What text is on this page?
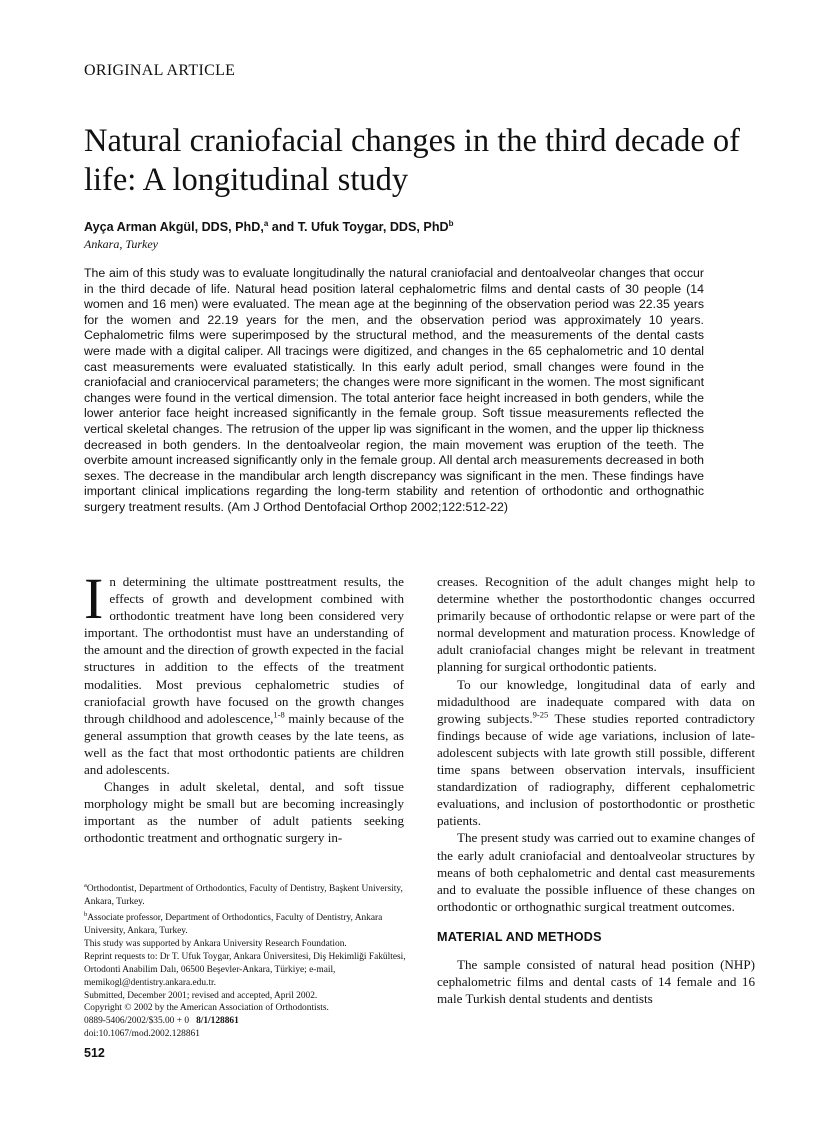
ORIGINAL ARTICLE
Natural craniofacial changes in the third decade of life: A longitudinal study
Ayça Arman Akgül, DDS, PhD,$^a$ and T. Ufuk Toygar, DDS, PhD$^b$
Ankara, Turkey

The aim of this study was to evaluate longitudinally the natural craniofacial and dentoalveolar changes that occur in the third decade of life. Natural head position lateral cephalometric films and dental casts of 30 people (14 women and 16 men) were evaluated. The mean age at the beginning of the observation period was 22.35 years for the women and 22.19 years for the men, and the observation period was approximately 10 years. Cephalometric films were superimposed by the structural method, and the measurements of the dental casts were made with a digital caliper. All tracings were digitized, and changes in the 65 cephalometric and 10 dental cast measurements were evaluated statistically. In this early adult period, small changes were found in the craniofacial and craniocervical parameters; the changes were more significant in the women. The most significant changes were found in the vertical dimension. The total anterior face height increased in both genders, while the lower anterior face height increased significantly in the female group. Soft tissue measurements reflected the vertical skeletal changes. The retrusion of the upper lip was significant in the women, and the upper lip thickness decreased in both genders. In the dentoalveolar region, the main movement was eruption of the teeth. The overbite amount increased significantly only in the female group. All dental arch measurements decreased in both sexes. The decrease in the mandibular arch length discrepancy was significant in the men. These findings have important clinical implications regarding the long-term stability and retention of orthodontic and orthognathic surgery treatment results. (Am J Orthod Dentofacial Orthop 2002;122:512-22)

In determining the ultimate posttreatment results, the effects of growth and development combined with orthodontic treatment have long been considered very important. The orthodontist must have an understanding of the amount and the direction of growth expected in the facial structures in addition to the effects of the treatment modalities. Most previous cephalometric studies of craniofacial growth have focused on the growth changes through childhood and adolescence,$^{1-8}$ mainly because of the general assumption that growth ceases by the late teens, as well as the fact that most orthodontic patients are children and adolescents.

Changes in adult skeletal, dental, and soft tissue morphology might be small but are becoming increasingly important as the number of adult patients seeking orthodontic treatment and orthognatic surgery in-

creases. Recognition of the adult changes might help to determine whether the postorthodontic changes occurred primarily because of orthodontic relapse or were part of the normal development and maturation process. Knowledge of adult craniofacial changes might be relevant in treatment planning for surgical orthodontic patients.

To our knowledge, longitudinal data of early and midadulthood are inadequate compared with data on growing subjects.$^{9-25}$ These studies reported contradictory findings because of wide age variations, inclusion of late-adolescent subjects with late growth still possible, different time spans between observation intervals, insufficient standardization of radiography, different cephalometric evaluations, and inclusion of postorthodontic or prosthetic patients.

The present study was carried out to examine changes of the early adult craniofacial and dentoalveolar structures by means of both cephalometric and dental cast measurements and to evaluate the possible influence of these changes on orthodontic or orthognathic surgical treatment outcomes.

MATERIAL AND METHODS

The sample consisted of natural head position (NHP) cephalometric films and dental casts of 14 female and 16 male Turkish dental students and dentists

$^a$Orthodontist, Department of Orthodontics, Faculty of Dentistry, Başkent University, Ankara, Turkey.
$^b$Associate professor, Department of Orthodontics, Faculty of Dentistry, Ankara University, Ankara, Turkey.
This study was supported by Ankara University Research Foundation.
Reprint requests to: Dr T. Ufuk Toygar, Ankara Üniversitesi, Diş Hekimliği Fakültesi, Ortodonti Anabilim Dalı, 06500 Beşevler-Ankara, Türkiye; e-mail, memikogl@dentistry.ankara.edu.tr.
Submitted, December 2001; revised and accepted, April 2002.
Copyright © 2002 by the American Association of Orthodontists.
0889-5406/2002/$35.00 + 0 8/1/128861
doi:10.1067/mod.2002.128861
512
